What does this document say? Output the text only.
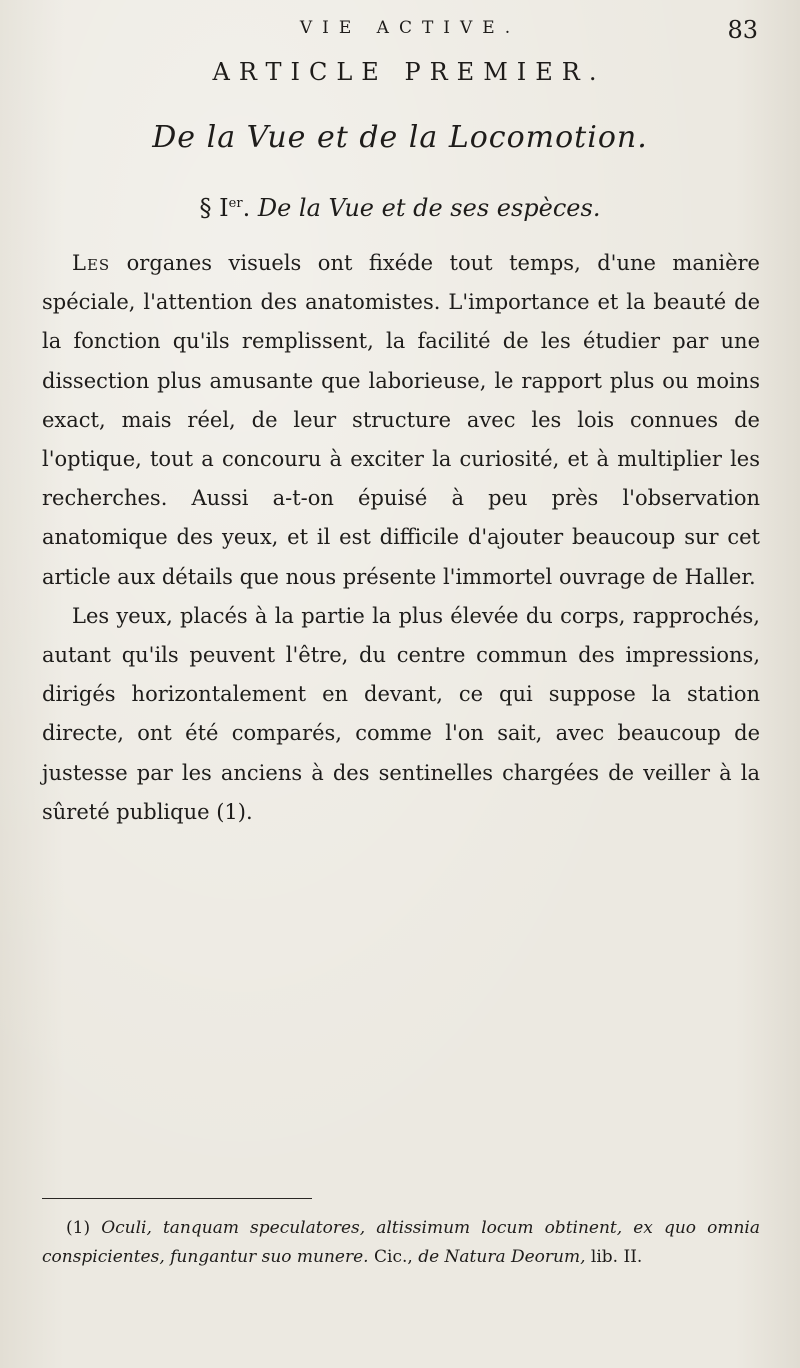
VIE ACTIVE.	83
ARTICLE PREMIER.
De la Vue et de la Locomotion.
§ Ier. De la Vue et de ses espèces.

Les organes visuels ont fixéde tout temps, d'une manière spéciale, l'attention des anatomistes. L'importance et la beauté de la fonction qu'ils remplissent, la facilité de les étudier par une dissection plus amusante que laborieuse, le rapport plus ou moins exact, mais réel, de leur structure avec les lois connues de l'optique, tout a concouru à exciter la curiosité, et à multiplier les recherches. Aussi a-t-on épuisé à peu près l'observation anatomique des yeux, et il est difficile d'ajouter beaucoup sur cet article aux détails que nous présente l'immortel ouvrage de Haller.

Les yeux, placés à la partie la plus élevée du corps, rapprochés, autant qu'ils peuvent l'être, du centre commun des impressions, dirigés horizontalement en devant, ce qui suppose la station directe, ont été comparés, comme l'on sait, avec beaucoup de justesse par les anciens à des sentinelles chargées de veiller à la sûreté publique (1).

(1) Oculi, tanquam speculatores, altissimum locum obtinent, ex quo omnia conspicientes, fungantur suo munere. Cic., de Natura Deorum, lib. II.
